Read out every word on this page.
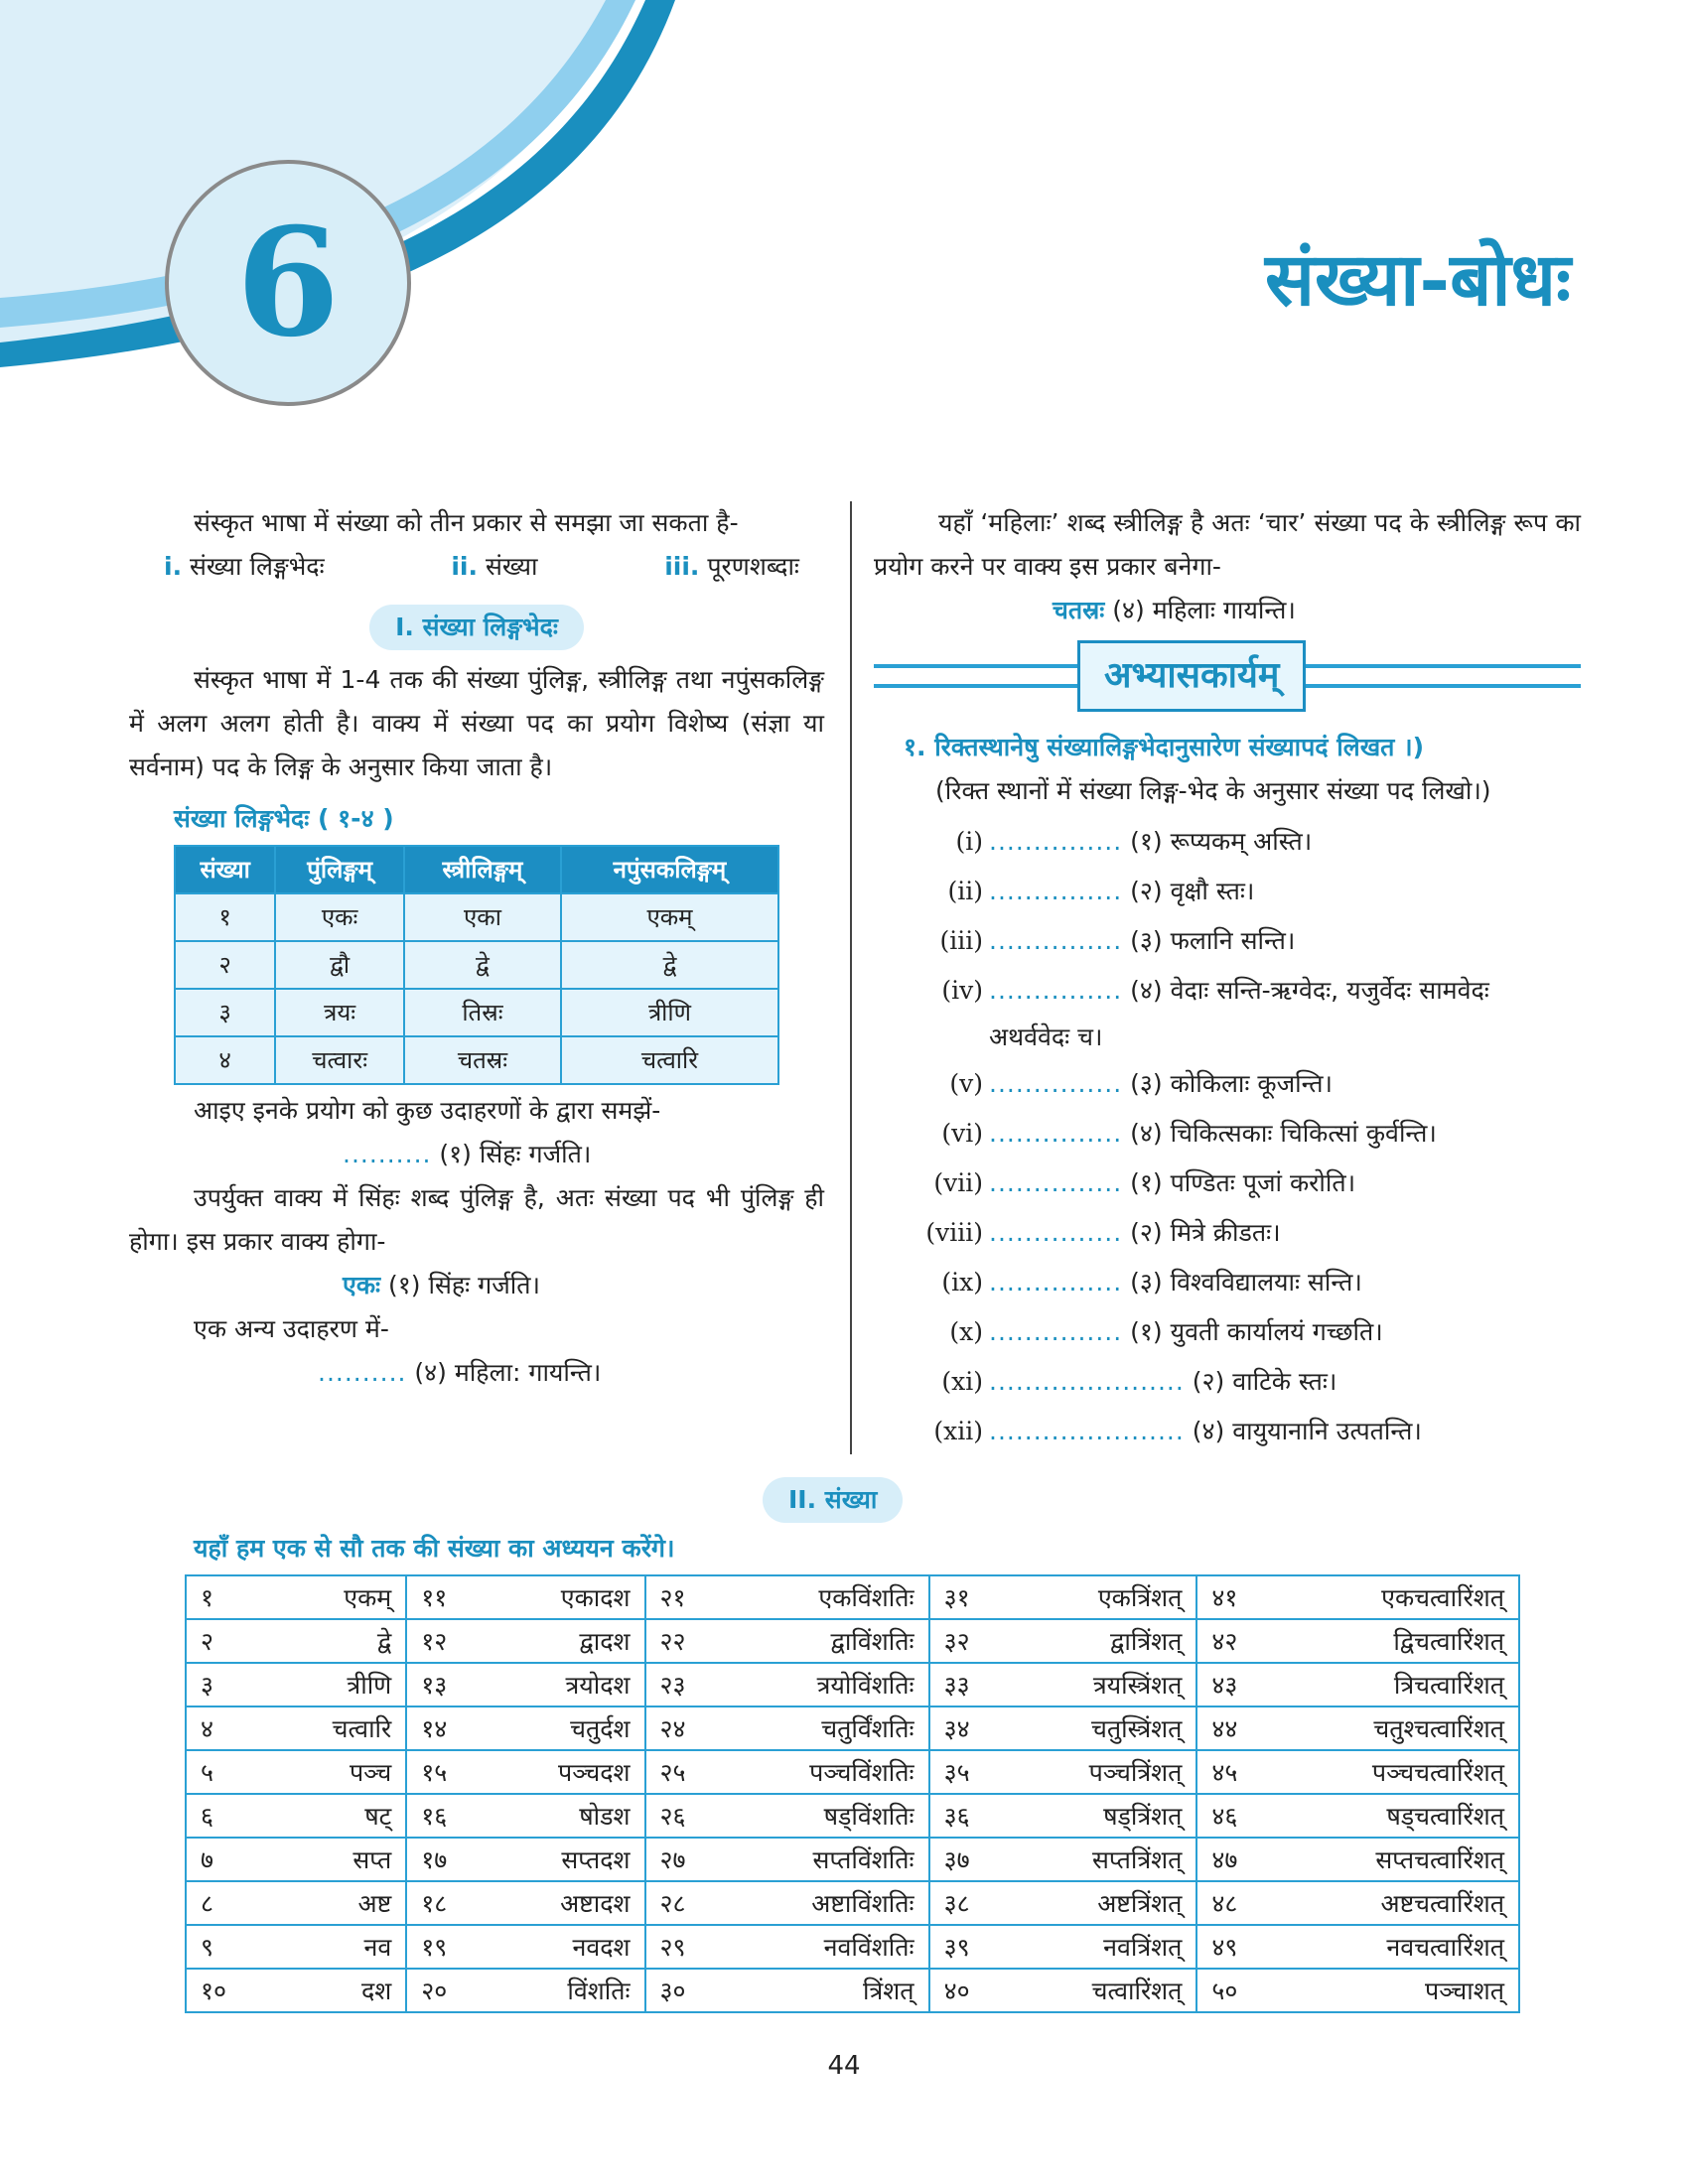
6	संख्या-बोधः

संस्कृत भाषा में संख्या को तीन प्रकार से समझा जा सकता है-

i. संख्या लिङ्गभेदः	ii. संख्या	iii. पूरणशब्दाः
I. संख्या लिङ्गभेदः

संस्कृत भाषा में 1-4 तक की संख्या पुंलिङ्ग, स्त्रीलिङ्ग तथा नपुंसकलिङ्ग में अलग अलग होती है। वाक्य में संख्या पद का प्रयोग विशेष्य (संज्ञा या सर्वनाम) पद के लिङ्ग के अनुसार किया जाता है।

संख्या लिङ्गभेदः ( १-४ )

संख्या	पुंलिङ्गम्	स्त्रीलिङ्गम्	नपुंसकलिङ्गम्
१	एकः	एका	एकम्
२	द्वौ	द्वे	द्वे
३	त्रयः	तिस्रः	त्रीणि
४	चत्वारः	चतस्रः	चत्वारि

आइए इनके प्रयोग को कुछ उदाहरणों के द्वारा समझें-

.......... (१) सिंहः गर्जति।

उपर्युक्त वाक्य में सिंहः शब्द पुंलिङ्ग है, अतः संख्या पद भी पुंलिङ्ग ही होगा। इस प्रकार वाक्य होगा-

एकः (१) सिंहः गर्जति।

एक अन्य उदाहरण में-

.......... (४) महिला: गायन्ति।

यहाँ ‘महिलाः’ शब्द स्त्रीलिङ्ग है अतः ‘चार’ संख्या पद के स्त्रीलिङ्ग रूप का प्रयोग करने पर वाक्य इस प्रकार बनेगा-

चतस्रः (४) महिलाः गायन्ति।

अभ्यासकार्यम्

१. रिक्तस्थानेषु संख्यालिङ्गभेदानुसारेण संख्यापदं लिखत ।)

(रिक्त स्थानों में संख्या लिङ्ग-भेद के अनुसार संख्या पद लिखो।)

(i) ............... (१) रूप्यकम् अस्ति।
(ii) ............... (२) वृक्षौ स्तः।
(iii) ............... (३) फलानि सन्ति।
(iv) ............... (४) वेदाः सन्ति-ऋग्वेदः, यजुर्वेदः सामवेदः
अथर्ववेदः च।
(v) ............... (३) कोकिलाः कूजन्ति।
(vi) ............... (४) चिकित्सकाः चिकित्सां कुर्वन्ति।
(vii) ............... (१) पण्डितः पूजां करोति।
(viii) ............... (२) मित्रे क्रीडतः।
(ix) ............... (३) विश्वविद्यालयाः सन्ति।
(x) ............... (१) युवती कार्यालयं गच्छति।
(xi) ...................... (२) वाटिके स्तः।
(xii) ...................... (४) वायुयानानि उत्पतन्ति।
II. संख्या

यहाँ हम एक से सौ तक की संख्या का अध्ययन करेंगे।

१	एकम्	११	एकादश	२१	एकविंशतिः	३१	एकत्रिंशत्	४१	एकचत्वारिंशत्
२	द्वे	१२	द्वादश	२२	द्वाविंशतिः	३२	द्वात्रिंशत्	४२	द्विचत्वारिंशत्
३	त्रीणि	१३	त्रयोदश	२३	त्रयोविंशतिः	३३	त्रयस्त्रिंशत्	४३	त्रिचत्वारिंशत्
४	चत्वारि	१४	चतुर्दश	२४	चतुर्विंशतिः	३४	चतुस्त्रिंशत्	४४	चतुश्चत्वारिंशत्
५	पञ्च	१५	पञ्चदश	२५	पञ्चविंशतिः	३५	पञ्चत्रिंशत्	४५	पञ्चचत्वारिंशत्
६	षट्	१६	षोडश	२६	षड्विंशतिः	३६	षड्त्रिंशत्	४६	षड्चत्वारिंशत्
७	सप्त	१७	सप्तदश	२७	सप्तविंशतिः	३७	सप्तत्रिंशत्	४७	सप्तचत्वारिंशत्
८	अष्ट	१८	अष्टादश	२८	अष्टाविंशतिः	३८	अष्टत्रिंशत्	४८	अष्टचत्वारिंशत्
९	नव	१९	नवदश	२९	नवविंशतिः	३९	नवत्रिंशत्	४९	नवचत्वारिंशत्
१०	दश	२०	विंशतिः	३०	त्रिंशत्	४०	चत्वारिंशत्	५०	पञ्चाशत्
44
